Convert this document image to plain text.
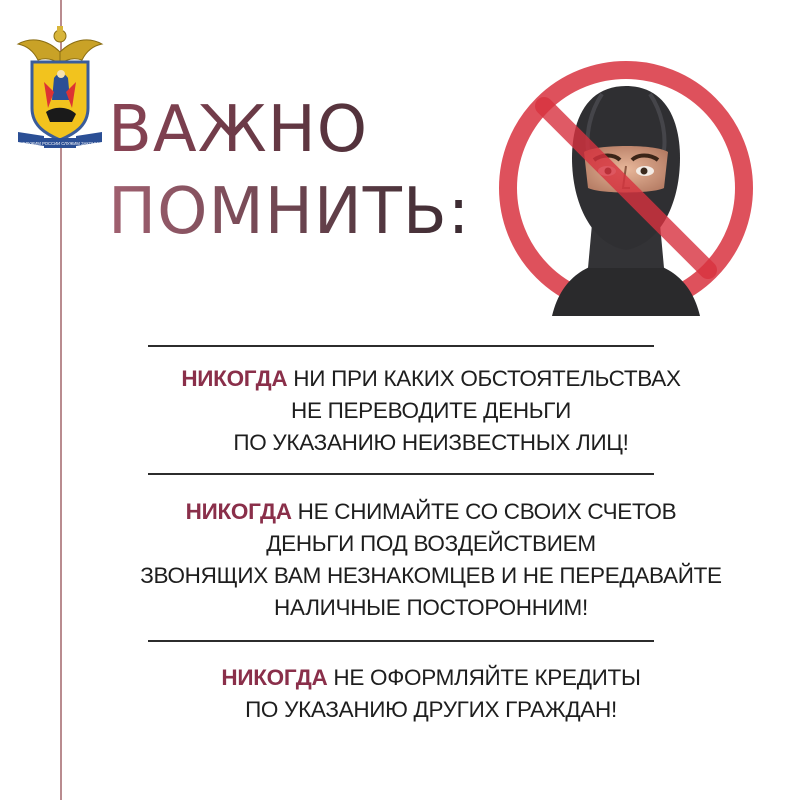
СЛУЖИМ РОССИИ СЛУЖИМ ЗАКОНУ ВАЖНО
ПОМНИТЬ:
НИКОГДА НИ ПРИ КАКИХ ОБСТОЯТЕЛЬСТВАХ
НЕ ПЕРЕВОДИТЕ ДЕНЬГИ
ПО УКАЗАНИЮ НЕИЗВЕСТНЫХ ЛИЦ!
НИКОГДА НЕ СНИМАЙТЕ СО СВОИХ СЧЕТОВ
ДЕНЬГИ ПОД ВОЗДЕЙСТВИЕМ
ЗВОНЯЩИХ ВАМ НЕЗНАКОМЦЕВ И НЕ ПЕРЕДАВАЙТЕ
НАЛИЧНЫЕ ПОСТОРОННИМ!
НИКОГДА НЕ ОФОРМЛЯЙТЕ КРЕДИТЫ
ПО УКАЗАНИЮ ДРУГИХ ГРАЖДАН!
